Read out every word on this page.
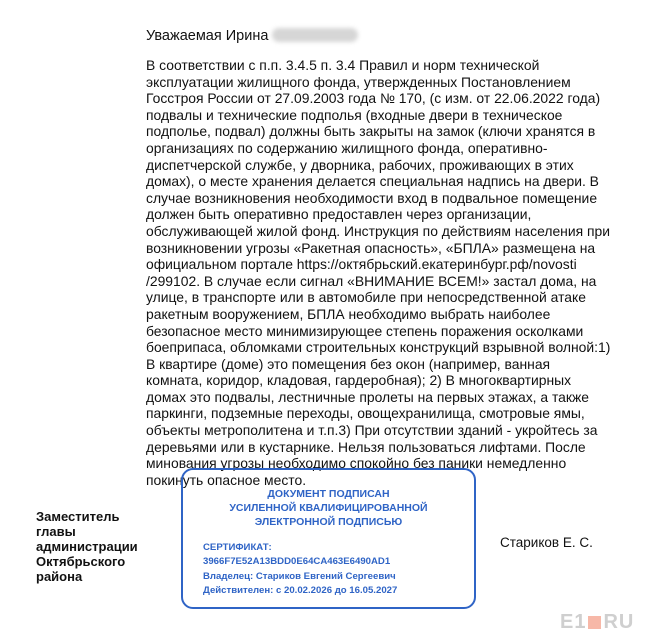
Уважаемая Ирина
В соответствии с п.п. 3.4.5 п. 3.4 Правил и норм технической
эксплуатации жилищного фонда, утвержденных Постановлением
Госстроя России от 27.09.2003 года № 170, (с изм. от 22.06.2022 года)
подвалы и технические подполья (входные двери в техническое
подполье, подвал) должны быть закрыты на замок (ключи хранятся в
организациях по содержанию жилищного фонда, оперативно-
диспетчерской службе, у дворника, рабочих, проживающих в этих
домах), о месте хранения делается специальная надпись на двери. В
случае возникновения необходимости вход в подвальное помещение
должен быть оперативно предоставлен через организации,
обслуживающей жилой фонд. Инструкция по действиям населения при
возникновении угрозы «Ракетная опасность», «БПЛА» размещена на
официальном портале https://октябрьский.екатеринбург.рф/novosti
/299102. В случае если сигнал «ВНИМАНИЕ ВСЕМ!» застал дома, на
улице, в транспорте или в автомобиле при непосредственной атаке
ракетным вооружением, БПЛА необходимо выбрать наиболее
безопасное место минимизирующее степень поражения осколками
боеприпаса, обломками строительных конструкций взрывной волной:1)
В квартире (доме) это помещения без окон (например, ванная
комната, коридор, кладовая, гардеробная); 2) В многоквартирных
домах это подвалы, лестничные пролеты на первых этажах, а также
паркинги, подземные переходы, овощехранилища, смотровые ямы,
объекты метрополитена и т.п.3) При отсутствии зданий - укройтесь за
деревьями или в кустарнике. Нельзя пользоваться лифтами. После
минования угрозы необходимо спокойно без паники немедленно
покинуть опасное место.
Заместитель
главы
администрации
Октябрьского
района
ДОКУМЕНТ ПОДПИСАН
УСИЛЕННОЙ КВАЛИФИЦИРОВАННОЙ
ЭЛЕКТРОННОЙ ПОДПИСЬЮ
СЕРТИФИКАТ:
3966F7E52A13BDD0E64CA463E6490AD1
Владелец: Стариков Евгений Сергеевич
Действителен: с 20.02.2026 до 16.05.2027
Стариков Е. С.
E1 RU
